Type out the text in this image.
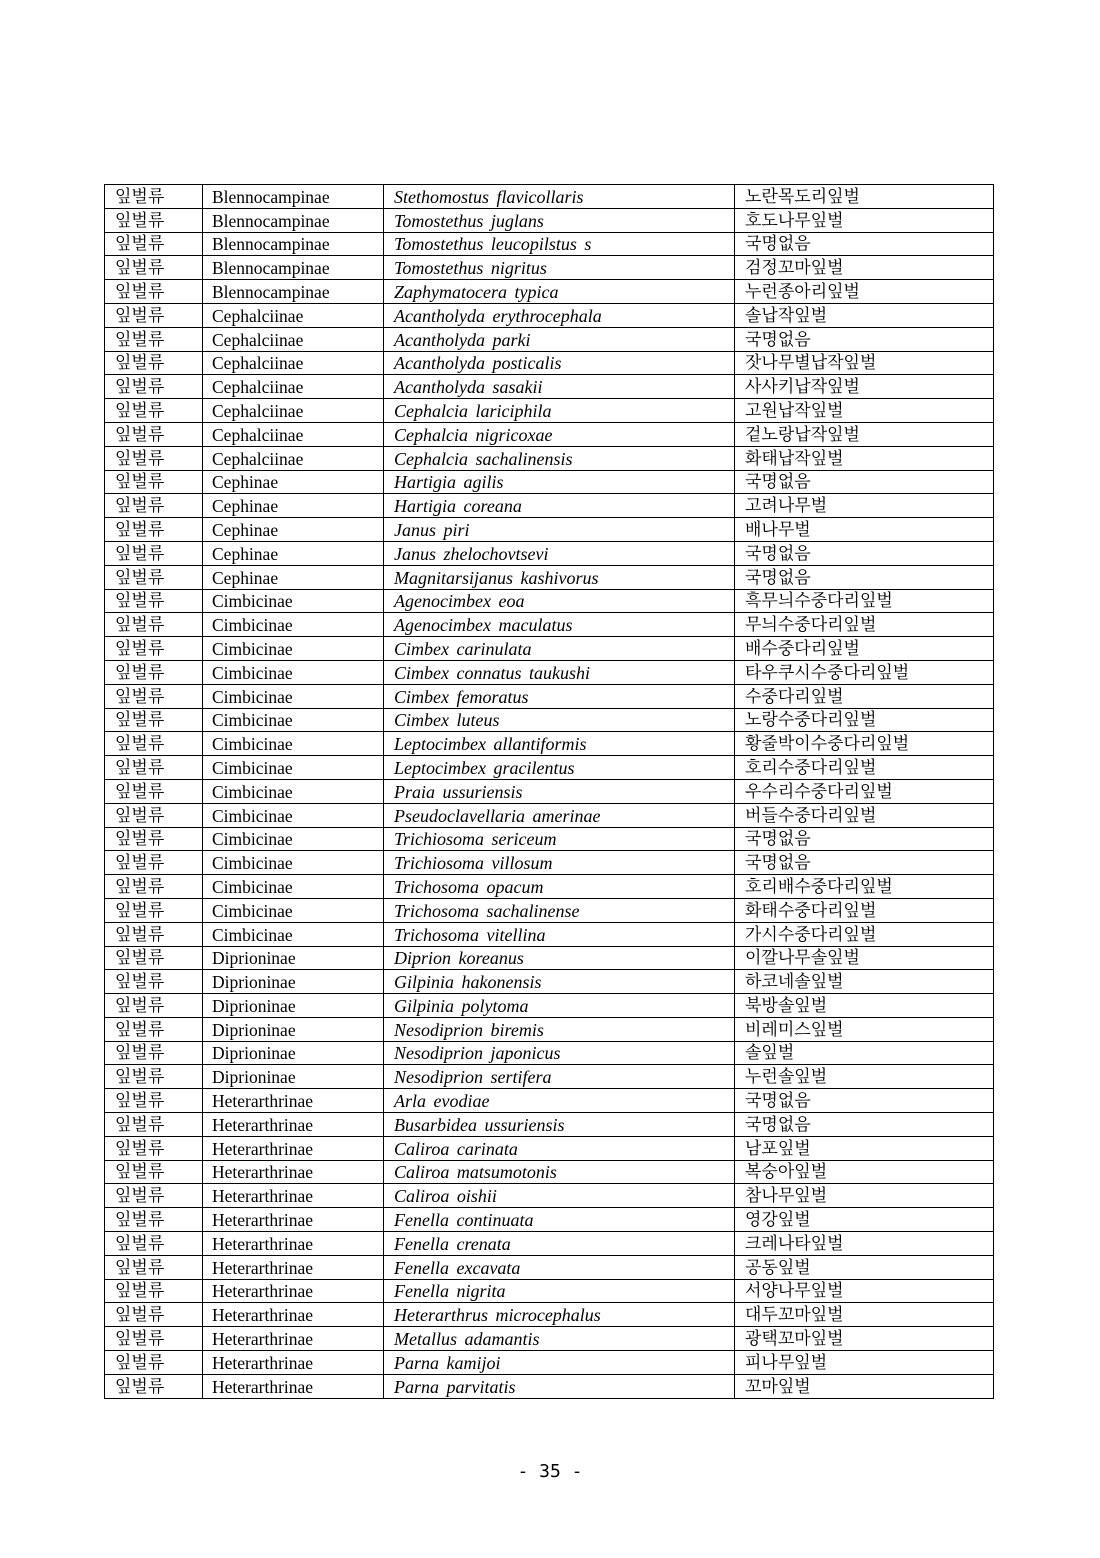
잎벌류	Blennocampinae	Stethomostus flavicollaris	노란목도리잎벌
잎벌류	Blennocampinae	Tomostethus juglans	호도나무잎벌
잎벌류	Blennocampinae	Tomostethus leucopilstus s	국명없음
잎벌류	Blennocampinae	Tomostethus nigritus	검정꼬마잎벌
잎벌류	Blennocampinae	Zaphymatocera typica	누런종아리잎벌
잎벌류	Cephalciinae	Acantholyda erythrocephala	솔납작잎벌
잎벌류	Cephalciinae	Acantholyda parki	국명없음
잎벌류	Cephalciinae	Acantholyda posticalis	잣나무별납작잎벌
잎벌류	Cephalciinae	Acantholyda sasakii	사사키납작잎벌
잎벌류	Cephalciinae	Cephalcia lariciphila	고원납작잎벌
잎벌류	Cephalciinae	Cephalcia nigricoxae	겉노랑납작잎벌
잎벌류	Cephalciinae	Cephalcia sachalinensis	화태납작잎벌
잎벌류	Cephinae	Hartigia agilis	국명없음
잎벌류	Cephinae	Hartigia coreana	고려나무벌
잎벌류	Cephinae	Janus piri	배나무벌
잎벌류	Cephinae	Janus zhelochovtsevi	국명없음
잎벌류	Cephinae	Magnitarsijanus kashivorus	국명없음
잎벌류	Cimbicinae	Agenocimbex eoa	흑무늬수중다리잎벌
잎벌류	Cimbicinae	Agenocimbex maculatus	무늬수중다리잎벌
잎벌류	Cimbicinae	Cimbex carinulata	배수중다리잎벌
잎벌류	Cimbicinae	Cimbex connatus taukushi	타우쿠시수중다리잎벌
잎벌류	Cimbicinae	Cimbex femoratus	수중다리잎벌
잎벌류	Cimbicinae	Cimbex luteus	노랑수중다리잎벌
잎벌류	Cimbicinae	Leptocimbex allantiformis	황줄박이수중다리잎벌
잎벌류	Cimbicinae	Leptocimbex gracilentus	호리수중다리잎벌
잎벌류	Cimbicinae	Praia ussuriensis	우수리수중다리잎벌
잎벌류	Cimbicinae	Pseudoclavellaria amerinae	버들수중다리잎벌
잎벌류	Cimbicinae	Trichiosoma sericeum	국명없음
잎벌류	Cimbicinae	Trichiosoma villosum	국명없음
잎벌류	Cimbicinae	Trichosoma opacum	호리배수중다리잎벌
잎벌류	Cimbicinae	Trichosoma sachalinense	화태수중다리잎벌
잎벌류	Cimbicinae	Trichosoma vitellina	가시수중다리잎벌
잎벌류	Diprioninae	Diprion koreanus	이깔나무솔잎벌
잎벌류	Diprioninae	Gilpinia hakonensis	하코네솔잎벌
잎벌류	Diprioninae	Gilpinia polytoma	북방솔잎벌
잎벌류	Diprioninae	Nesodiprion biremis	비레미스잎벌
잎벌류	Diprioninae	Nesodiprion japonicus	솔잎벌
잎벌류	Diprioninae	Nesodiprion sertifera	누런솔잎벌
잎벌류	Heterarthrinae	Arla evodiae	국명없음
잎벌류	Heterarthrinae	Busarbidea ussuriensis	국명없음
잎벌류	Heterarthrinae	Caliroa carinata	남포잎벌
잎벌류	Heterarthrinae	Caliroa matsumotonis	복숭아잎벌
잎벌류	Heterarthrinae	Caliroa oishii	참나무잎벌
잎벌류	Heterarthrinae	Fenella continuata	영강잎벌
잎벌류	Heterarthrinae	Fenella crenata	크레나타잎벌
잎벌류	Heterarthrinae	Fenella excavata	공동잎벌
잎벌류	Heterarthrinae	Fenella nigrita	서양나무잎벌
잎벌류	Heterarthrinae	Heterarthrus microcephalus	대두꼬마잎벌
잎벌류	Heterarthrinae	Metallus adamantis	광택꼬마잎벌
잎벌류	Heterarthrinae	Parna kamijoi	피나무잎벌
잎벌류	Heterarthrinae	Parna parvitatis	꼬마잎벌
- 35 -
